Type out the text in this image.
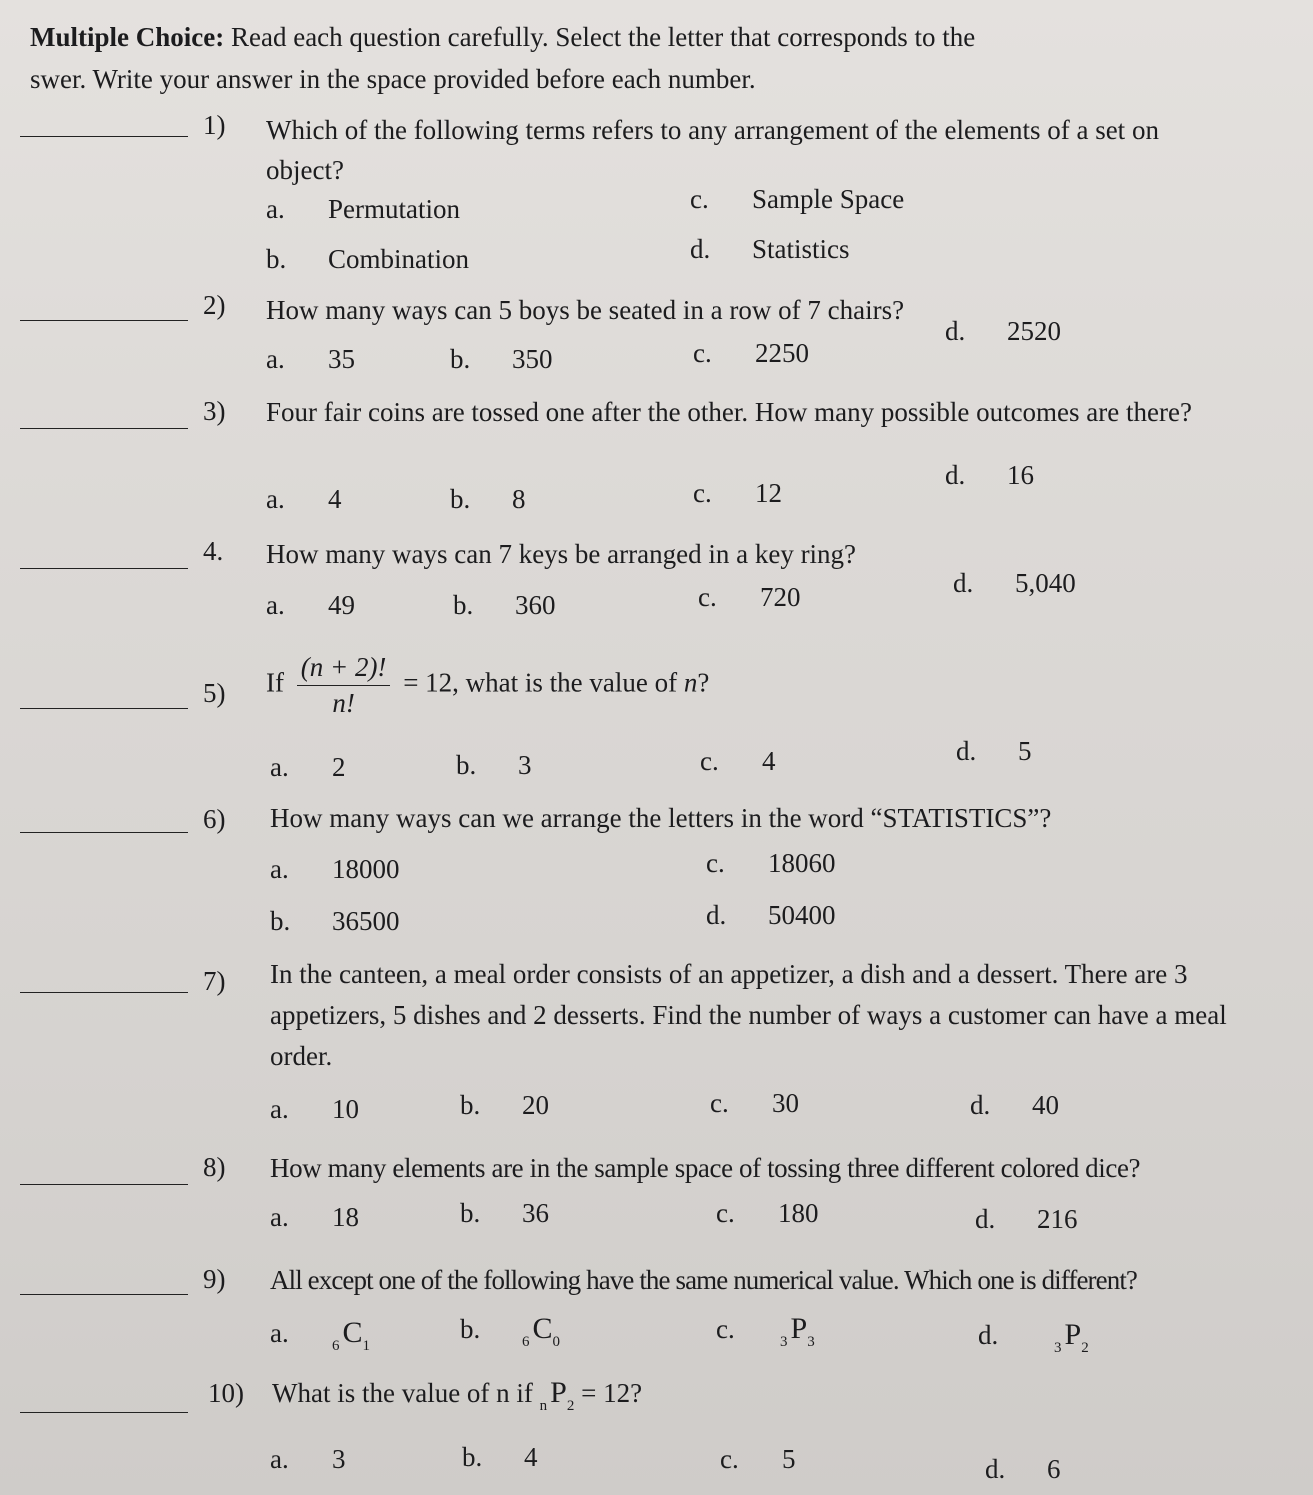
Multiple Choice: Read each question carefully. Select the letter that corresponds to the
swer. Write your answer in the space provided before each number.
1) Which of the following terms refers to any arrangement of the elements of a set on object?
a. Permutation	c. Sample Space
b. Combination	d. Statistics
2) How many ways can 5 boys be seated in a row of 7 chairs?
a. 35	b. 350	c. 2250
d. 2520
3) Four fair coins are tossed one after the other. How many possible outcomes are there?
a. 4	b. 8	c. 12
d. 16
4. How many ways can 7 keys be arranged in a key ring?
a. 49	b. 360	c. 720	d. 5,040
5) If $\frac{(n + 2)!}{n!} = 12$, what is the value of n?
a. 2	b. 3	c. 4	d. 5
6) How many ways can we arrange the letters in the word “STATISTICS”?
a. 18000	c. 18060
b. 36500	d. 50400
7) In the canteen, a meal order consists of an appetizer, a dish and a dessert. There are 3 appetizers, 5 dishes and 2 desserts. Find the number of ways a customer can have a meal order.
a. 10	b. 20	c. 30	d. 40
8) How many elements are in the sample space of tossing three different colored dice?
a. 18	b. 36	c. 180	d. 216
9) All except one of the following have the same numerical value. Which one is different?
a.	$_6$ $C_1$
b.	$_6$ $C_0$	c.	$_3$ $P_3$	d.	$_3$ $P_2$
10) What is the value of n if $_n$ $P_2 = 12$?
a. 3	b. 4	c. 5	d. 6
